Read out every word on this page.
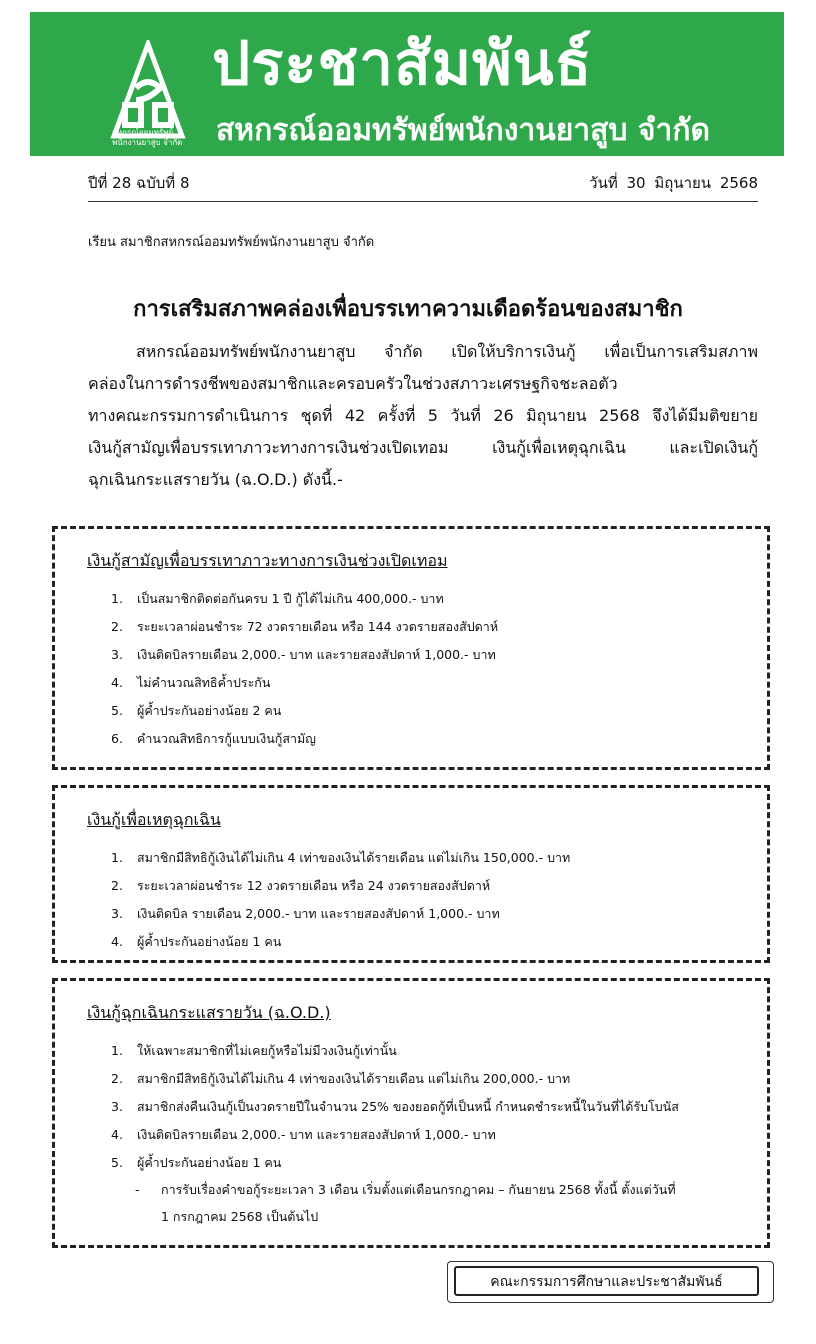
สหกรณ์ออมทรัพย์ พนักงานยาสูบ จำกัด
ประชาสัมพันธ์
สหกรณ์ออมทรัพย์พนักงานยาสูบ จำกัด
ปีที่ 28 ฉบับที่ 8	วันที่ 30 มิถุนายน 2568
เรียน สมาชิกสหกรณ์ออมทรัพย์พนักงานยาสูบ จำกัด
การเสริมสภาพคล่องเพื่อบรรเทาความเดือดร้อนของสมาชิก
สหกรณ์ออมทรัพย์พนักงานยาสูบ จำกัด เปิดให้บริการเงินกู้ เพื่อเป็นการเสริมสภาพ
คล่องในการดำรงชีพของสมาชิกและครอบครัวในช่วงสภาวะเศรษฐกิจชะลอตัว
ทางคณะกรรมการดำเนินการ ชุดที่ 42 ครั้งที่ 5 วันที่ 26 มิถุนายน 2568 จึงได้มีมติขยาย
เงินกู้สามัญเพื่อบรรเทาภาวะทางการเงินช่วงเปิดเทอม เงินกู้เพื่อเหตุฉุกเฉิน และเปิดเงินกู้
ฉุกเฉินกระแสรายวัน (ฉ.O.D.) ดังนี้.-
เงินกู้สามัญเพื่อบรรเทาภาวะทางการเงินช่วงเปิดเทอม
1. เป็นสมาชิกติดต่อกันครบ 1 ปี กู้ได้ไม่เกิน 400,000.- บาท
2. ระยะเวลาผ่อนชำระ 72 งวดรายเดือน หรือ 144 งวดรายสองสัปดาห์
3. เงินติดบิลรายเดือน 2,000.- บาท และรายสองสัปดาห์ 1,000.- บาท
4. ไม่คำนวณสิทธิค้ำประกัน
5. ผู้ค้ำประกันอย่างน้อย 2 คน
6. คำนวณสิทธิการกู้แบบเงินกู้สามัญ
เงินกู้เพื่อเหตุฉุกเฉิน
1. สมาชิกมีสิทธิกู้เงินได้ไม่เกิน 4 เท่าของเงินได้รายเดือน แต่ไม่เกิน 150,000.- บาท
2. ระยะเวลาผ่อนชำระ 12 งวดรายเดือน หรือ 24 งวดรายสองสัปดาห์
3. เงินติดบิล รายเดือน 2,000.- บาท และรายสองสัปดาห์ 1,000.- บาท
4. ผู้ค้ำประกันอย่างน้อย 1 คน
เงินกู้ฉุกเฉินกระแสรายวัน (ฉ.O.D.)
1. ให้เฉพาะสมาชิกที่ไม่เคยกู้หรือไม่มีวงเงินกู้เท่านั้น
2. สมาชิกมีสิทธิกู้เงินได้ไม่เกิน 4 เท่าของเงินได้รายเดือน แต่ไม่เกิน 200,000.- บาท
3. สมาชิกส่งคืนเงินกู้เป็นงวดรายปีในจำนวน 25% ของยอดกู้ที่เป็นหนี้ กำหนดชำระหนี้ในวันที่ได้รับโบนัส
4. เงินติดบิลรายเดือน 2,000.- บาท และรายสองสัปดาห์ 1,000.- บาท
5. ผู้ค้ำประกันอย่างน้อย 1 คน
- การรับเรื่องคำขอกู้ระยะเวลา 3 เดือน เริ่มตั้งแต่เดือนกรกฎาคม – กันยายน 2568 ทั้งนี้ ตั้งแต่วันที่
1 กรกฎาคม 2568 เป็นต้นไป
คณะกรรมการศึกษาและประชาสัมพันธ์
